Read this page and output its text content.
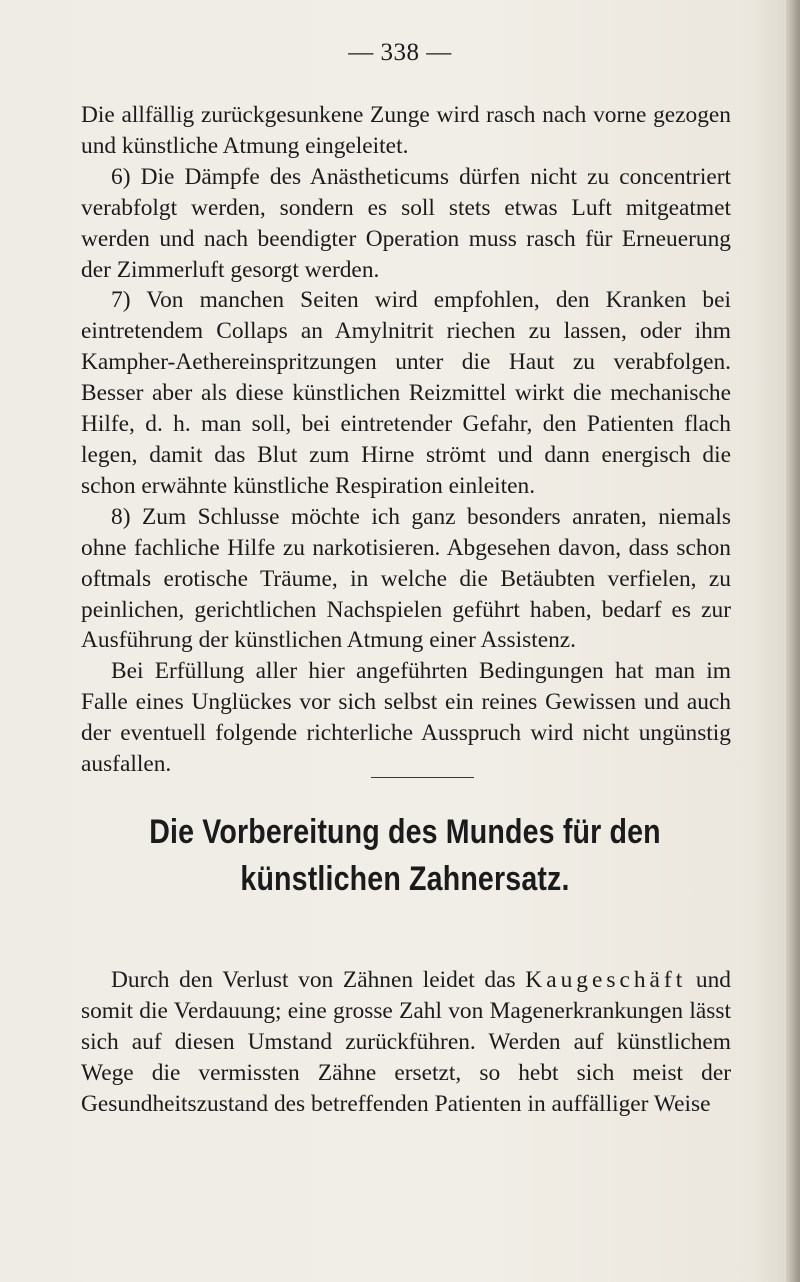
— 338 —

Die allfällig zurückgesunkene Zunge wird rasch nach vorne gezogen und künstliche Atmung eingeleitet.

6) Die Dämpfe des Anästheticums dürfen nicht zu concentriert verabfolgt werden, sondern es soll stets etwas Luft mitgeatmet werden und nach beendigter Operation muss rasch für Erneuerung der Zimmerluft gesorgt werden.

7) Von manchen Seiten wird empfohlen, den Kranken bei eintretendem Collaps an Amylnitrit riechen zu lassen, oder ihm Kampher-Aethereinspritzungen unter die Haut zu verabfolgen. Besser aber als diese künstlichen Reizmittel wirkt die mechanische Hilfe, d. h. man soll, bei eintretender Gefahr, den Patienten flach legen, damit das Blut zum Hirne strömt und dann energisch die schon erwähnte künstliche Respiration einleiten.

8) Zum Schlusse möchte ich ganz besonders anraten, niemals ohne fachliche Hilfe zu narkotisieren. Abgesehen davon, dass schon oftmals erotische Träume, in welche die Betäubten verfielen, zu peinlichen, gerichtlichen Nachspielen geführt haben, bedarf es zur Ausführung der künstlichen Atmung einer Assistenz.

Bei Erfüllung aller hier angeführten Bedingungen hat man im Falle eines Unglückes vor sich selbst ein reines Gewissen und auch der eventuell folgende richterliche Ausspruch wird nicht ungünstig ausfallen.

Die Vorbereitung des Mundes für den künstlichen Zahnersatz.

Durch den Verlust von Zähnen leidet das Kaugeschäft und somit die Verdauung; eine grosse Zahl von Magenerkrankungen lässt sich auf diesen Umstand zurückführen. Werden auf künstlichem Wege die vermissten Zähne ersetzt, so hebt sich meist der Gesundheitszustand des betreffenden Patienten in auffälliger Weise
